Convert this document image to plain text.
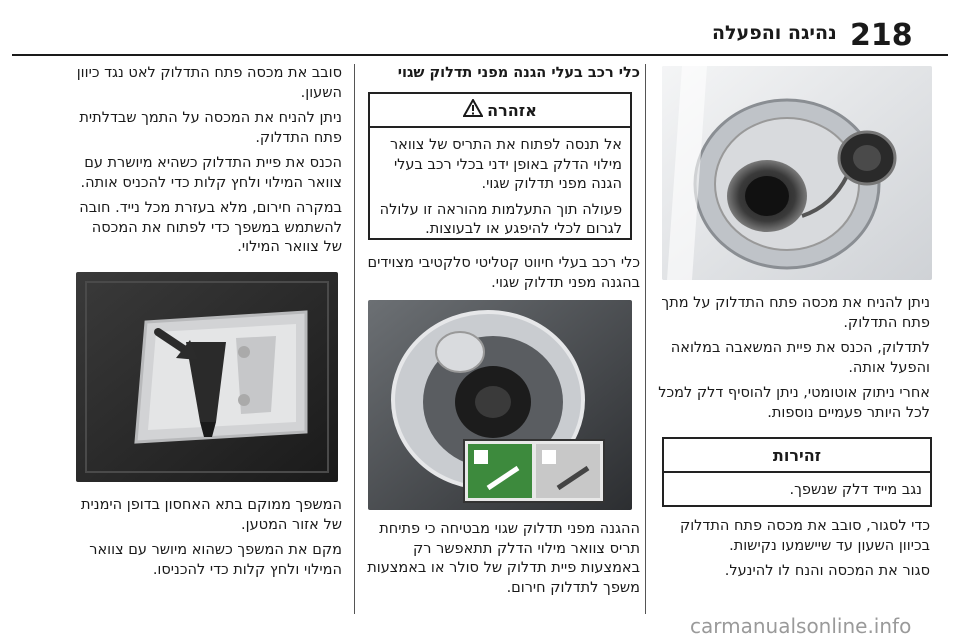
218
נהיגה והפעלה

ניתן להניח את מכסה פתח התדלוק על מתך פתח התדלוק.

לתדלוק, הכנס את פיית המשאבה במלואה והפעל אותה.

אחרי ניתוק אוטומטי, ניתן להוסיף דלק למכל לכל היותר פעמיים נוספות.

זהירות
נגב מייד דלק שנשפך.

כדי לסגור, סובב את מכסה פתח התדלוק בכיוון השעון עד שיישמעו נקישות.

סגור את המכסה והנח לו להינעל.

כלי רכב בעלי הגנה מפני תדלוק שגוי
אזהרה

אל תנסה לפתוח את התריס של צוואר מילוי הדלק באופן ידני בכלי רכב בעלי הגנה מפני תדלוק שגוי.

פעולה תוך התעלמות מהוראה זו עלולה לגרום לכלי להיפגע או לבעוצות.

כלי רכב בעלי חיווט קטליטי סלקטיבי מצוידים בהגנה מפני תדלוק שגוי.

ההגנה מפני תדלוק שגוי מבטיחה כי פתיחת תריס צוואר מילוי הדלק תתאפשר רק באמצעות פיית תדלוק של סולר או באמצעות משפך לתדלוק חירום.

סובב את מכסה פתח התדלוק לאט נגד כיוון השעון.

ניתן להניח את המכסה על התמך שבדלתית פתח התדלוק.

הכנס את פיית התדלוק כשהיא מיושרת עם צוואר המילוי ולחץ קלות כדי להכניס אותה.

במקרה חירום, מלא בעזרת מכל נייד. חובה להשתמש במשפך כדי לפתוח את המכסה של צוואר המילוי.

המשפך ממוקם בתא האחסון בדופן הימנית של אזור המטען.

מקם את המשפך כשהוא מיושר עם צוואר המילוי ולחץ קלות כדי להכניסו.

carmanualsonline.info
